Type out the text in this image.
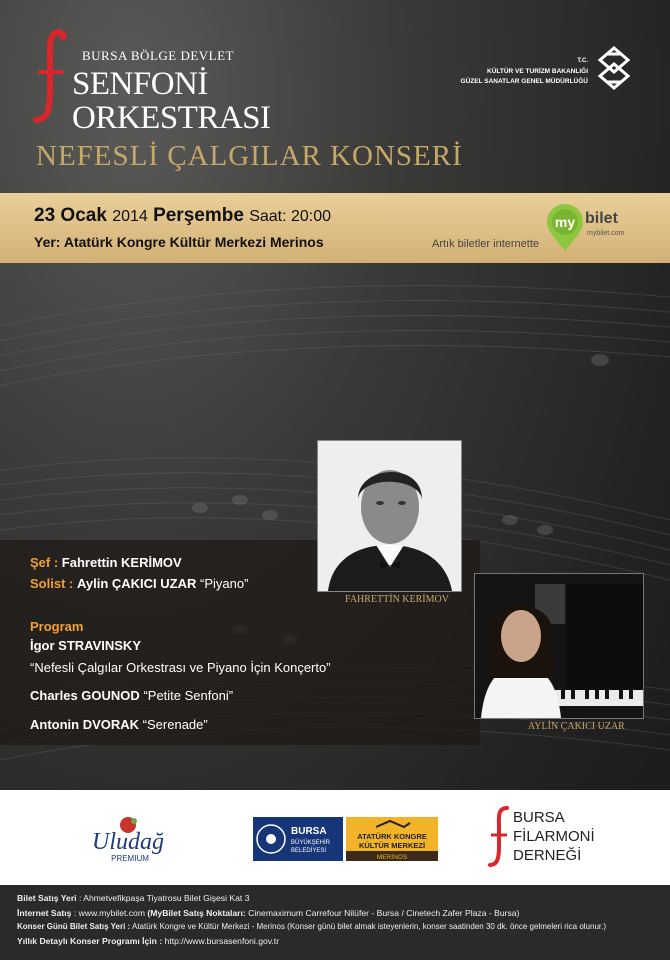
BURSA BÖLGE DEVLET
SENFONİ
ORKESTRASI
T.C.
KÜLTÜR VE TURİZM BAKANLIĞI
GÜZEL SANATLAR GENEL MÜDÜRLÜĞÜ
NEFESLİ ÇALGILAR KONSERİ
23 Ocak 2014 Perşembe Saat: 20:00
Yer: Atatürk Kongre Kültür Merkezi Merinos
my bilet
mybilet.com
Artık biletler internette
Şef : Fahrettin KERİMOV
Solist : Aylin ÇAKICI UZAR “Piyano”
Program
İgor STRAVINSKY
“Nefesli Çalgılar Orkestrası ve Piyano İçin Konçerto”
Charles GOUNOD “Petite Senfoni”
Antonin DVORAK “Serenade”
FAHRETTİN KERİMOV
AYLİN ÇAKICI UZAR
Uludağ
PREMIUM
BURSA
BÜYÜKŞEHİR
BELEDİYESİ
ATATÜRK KONGRE
KÜLTÜR MERKEZİ
MERİNOS
BURSA
FİLARMONİ
DERNEĞİ
Bilet Satış Yeri : Ahmetvefikpaşa Tiyatrosu Bilet Gişesi Kat 3
İnternet Satış : www.mybilet.com (MyBilet Satış Noktaları: Cinemaximum Carrefour Nilüfer - Bursa / Cinetech Zafer Plaza - Bursa)
Konser Günü Bilet Satış Yeri : Atatürk Kongre ve Kültür Merkezi - Merinos (Konser günü bilet almak isteyenlerin, konser saatinden 30 dk. önce gelmeleri rica olunur.)
Yıllık Detaylı Konser Programı İçin : http://www.bursasenfoni.gov.tr
